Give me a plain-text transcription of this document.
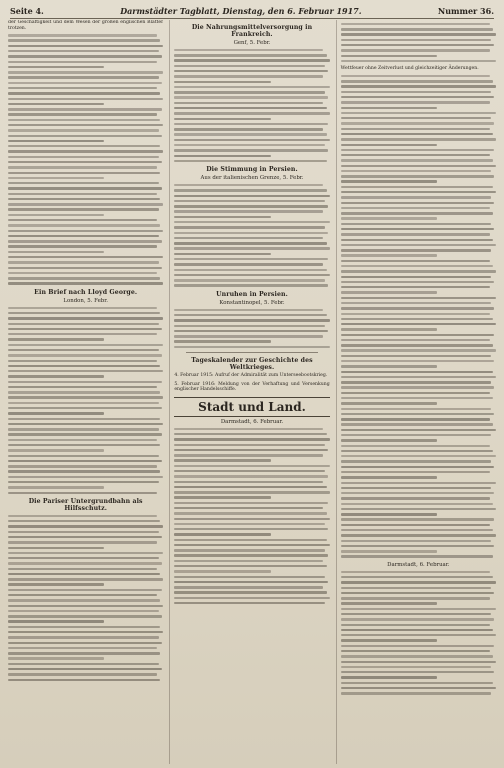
Seite 4.	Darmstädter Tagblatt, Dienstag, den 6. Februar 1917.	Nummer 36.

der Geschäftigkeit und dem Wesen der großen englischen Blätter trotzen.

Ein Brief nach Lloyd George.
London, 5. Febr.
Die Pariser Untergrundbahn als Hilfsschutz.
Die Nahrungsmittelversorgung in Frankreich.
Genf, 5. Febr.
Die Stimmung in Persien.
Aus der italienischen Grenze, 5. Febr.
Unruhen in Persien.
Konstantinopel, 5. Febr.
Tageskalender zur Geschichte des Weltkrieges.

4. Februar 1915: Aufruf der Admiralität zum Unterseebootskrieg.

5. Februar 1916: Meldung von der Verhaftung und Versenkung englischer Handelsschiffe.

Stadt und Land.
Darmstadt, 6. Februar.

Wettfeuer ohne Zeitverlust und gleichzeitiger Änderungen.

Darmstadt, 6. Februar.
